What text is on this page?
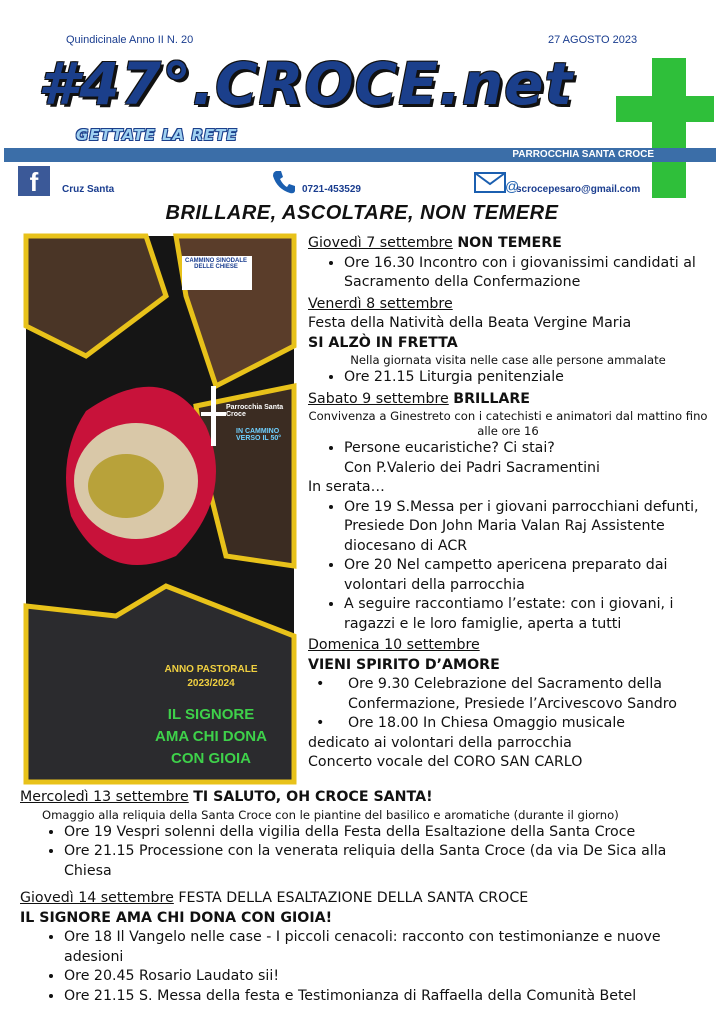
Quindicinale Anno II N. 20	27 AGOSTO 2023
#47°.CROCE.net
GETTATE LA RETE
PARROCCHIA SANTA CROCE
f	Cruz Santa	0721-453529	@
scrocepesaro@gmail.com
BRILLARE, ASCOLTARE, NON TEMERE
CAMMINO SINODALE DELLE CHIESE
Parrocchia Santa Croce
IN CAMMINO VERSO IL 50°
ANNO PASTORALE
2023/2024
IL SIGNORE
AMA CHI DONA
CON GIOIA
Giovedì 7 settembre NON TEMERE
• Ore 16.30 Incontro con i giovanissimi candidati al Sacramento della Confermazione
Venerdì 8 settembre
Festa della Natività della Beata Vergine Maria
SI ALZÒ IN FRETTA
Nella giornata visita nelle case alle persone ammalate
• Ore 21.15 Liturgia penitenziale
Sabato 9 settembre BRILLARE
Convivenza a Ginestreto con i catechisti e animatori dal mattino fino alle ore 16
• Persone eucaristiche? Ci stai?
Con P.Valerio dei Padri Sacramentini
In serata…
• Ore 19 S.Messa per i giovani parrocchiani defunti, Presiede Don John Maria Valan Raj Assistente diocesano di ACR
• Ore 20 Nel campetto apericena preparato dai volontari della parrocchia
• A seguire raccontiamo l’estate: con i giovani, i ragazzi e le loro famiglie, aperta a tutti
Domenica 10 settembre
VIENI SPIRITO D’AMORE
• Ore 9.30 Celebrazione del Sacramento della Confermazione, Presiede l’Arcivescovo Sandro
• Ore 18.00 In Chiesa Omaggio musicale
dedicato ai volontari della parrocchia
Concerto vocale del CORO SAN CARLO
Mercoledì 13 settembre TI SALUTO, OH CROCE SANTA!
Omaggio alla reliquia della Santa Croce con le piantine del basilico e aromatiche (durante il giorno)
• Ore 19 Vespri solenni della vigilia della Festa della Esaltazione della Santa Croce
• Ore 21.15 Processione con la venerata reliquia della Santa Croce (da via De Sica alla Chiesa
Giovedì 14 settembre FESTA DELLA ESALTAZIONE DELLA SANTA CROCE
IL SIGNORE AMA CHI DONA CON GIOIA!
• Ore 18 Il Vangelo nelle case - I piccoli cenacoli: racconto con testimonianze e nuove adesioni
• Ore 20.45 Rosario Laudato sii!
• Ore 21.15 S. Messa della festa e Testimonianza di Raffaella della Comunità Betel
